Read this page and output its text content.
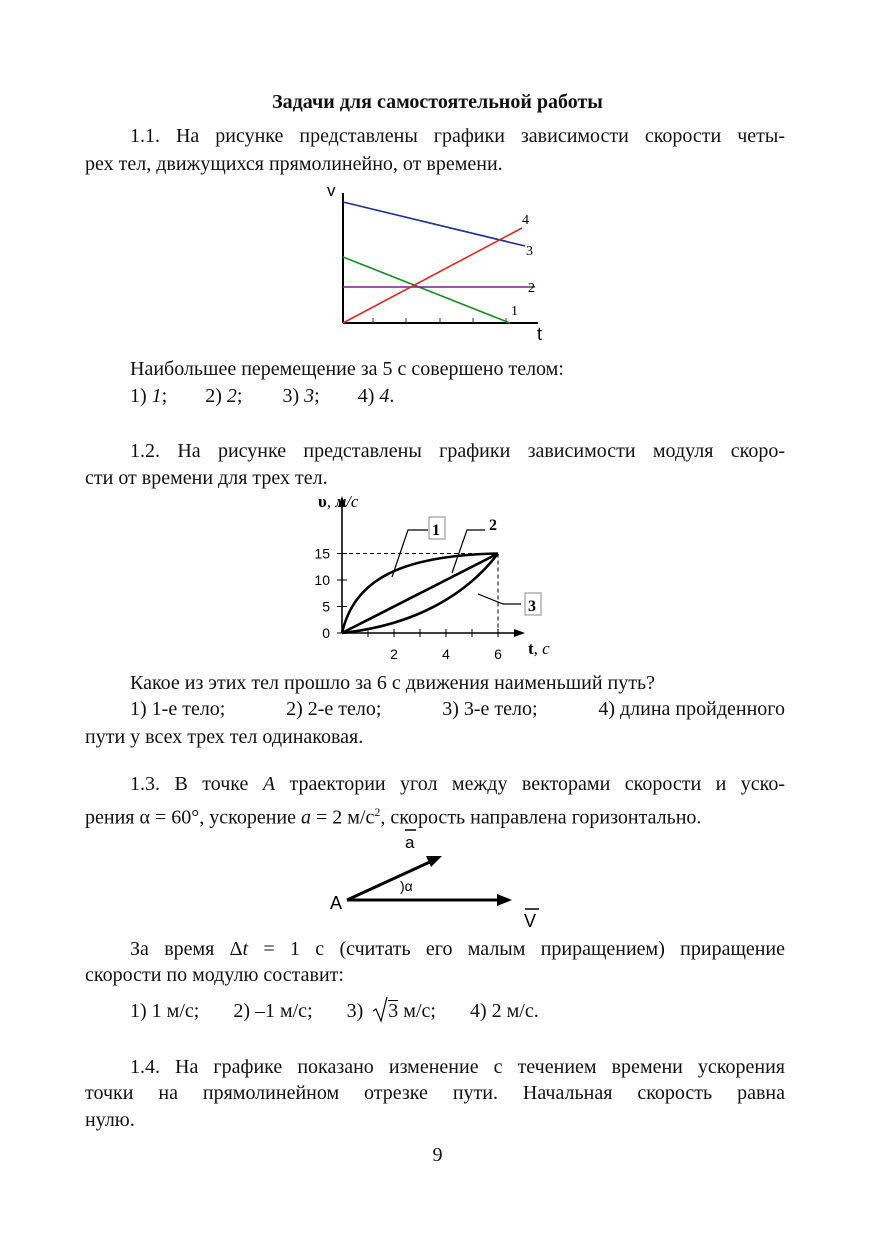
Задачи для самостоятельной работы
1.1. На рисунке представлены графики зависимости скорости четы-
рех тел, движущихся прямолинейно, от времени.
v
t
1
2
3
4
Наибольшее перемещение за 5 с совершено телом:
1) 1; 2) 2; 3) 3; 4) 4.
1.2. На рисунке представлены графики зависимости модуля скоро-
сти от времени для трех тел.
υ, м/с
t, с
0
5
10
15
2	4	6
1	2
3
Какое из этих тел прошло за 6 с движения наименьший путь?
1) 1-е тело;	2) 2-е тело;	3) 3-е тело;	4) длина пройденного
пути у всех трех тел одинаковая.
1.3. В точке A траектории угол между векторами скорости и уско-
рения α = 60°, ускорение a = 2 $м/с^2$, скорость направлена горизонтально.
A
)α
a
V
За время Δt = 1 с (считать его малым приращением) приращение
скорости по модулю составит:
1) 1 м/с; 2) –1 м/с; 3) 3 м/с; 4) 2 м/с.
1.4. На графике показано изменение с течением времени ускорения
точки на прямолинейном отрезке пути. Начальная скорость равна
нулю.
9
